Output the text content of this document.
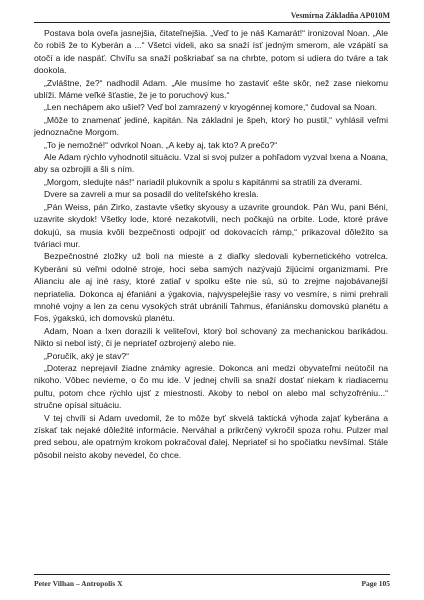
Vesmírna Základňa AP010M

Postava bola oveľa jasnejšia, čitateľnejšia. „Veď to je náš Kamarát!“ ironizoval Noan. „Ale čo robíš že to Kyberán a ...“ Všetci videli, ako sa snaží ísť jedným smerom, ale vzápätí sa otočí a ide naspäť. Chvíľu sa snaží poškriabať sa na chrbte, potom si udiera do tváre a tak dookola.

„Zvláštne, že?“ nadhodil Adam. „Ale musíme ho zastaviť ešte skôr, než zase niekomu ublíži. Máme veľké šťastie, že je to poruchový kus.“

„Len nechápem ako ušiel? Veď bol zamrazený v kryogénnej komore,“ čudoval sa Noan.

„Môže to znamenať jediné, kapitán. Na základni je špeh, ktorý ho pustil,“ vyhlásil veľmi jednoznačne Morgom.

„To je nemožné!“ odvrkol Noan. „A keby aj, tak kto? A prečo?“

Ale Adam rýchlo vyhodnotil situáciu. Vzal si svoj pulzer a pohľadom vyzval Ixena a Noana, aby sa ozbrojili a šli s ním.

„Morgom, sledujte nás!“ nariadil plukovník a spolu s kapitánmi sa stratili za dverami.

Dvere sa zavreli a mur sa posadil do veliteľského kresla.

„Pán Weiss, pán Zirko, zastavte všetky skyousy a uzavrite groundok. Pán Wu, pani Béni, uzavrite skydok! Všetky lode, ktoré nezakotvili, nech počkajú na orbite. Lode, ktoré práve dokujú, sa musia kvôli bezpečnosti odpojiť od dokovacích rámp,“ prikazoval dôležito sa tváriaci mur.

Bezpečnostné zložky už boli na mieste a z diaľky sledovali kybernetického votrelca. Kyberáni sú veľmi odolné stroje, hoci seba samých nazývajú žijúcimi organizmami. Pre Alianciu ale aj iné rasy, ktoré zatiaľ v spolku ešte nie sú, sú to zrejme najobávanejší nepriatelia. Dokonca aj éfaniáni a ýgakovia, najvyspelejšie rasy vo vesmíre, s nimi prehrali mnohé vojny a len za cenu vysokých strát ubránili Tahmus, éfaniánsku domovskú planétu a Fos, ýgakskú, ich domovskú planétu.

Adam, Noan a Ixen dorazili k veliteľovi, ktorý bol schovaný za mechanickou barikádou. Nikto si nebol istý, či je nepriateľ ozbrojený alebo nie.

„Poručík, aký je stav?“

„Doteraz neprejavil žiadne známky agresie. Dokonca ani medzi obyvateľmi neútočil na nikoho. Vôbec nevieme, o čo mu ide. V jednej chvíli sa snaží dostať niekam k riadiacemu pultu, potom chce rýchlo ujsť z miestnosti. Akoby to nebol on alebo mal schyzofréniu...“ stručne opísal situáciu.

V tej chvíli si Adam uvedomil, že to môže byť skvelá taktická výhoda zajať kyberána a získať tak nejaké dôležité informácie. Nerváhal a prikrčený vykročil spoza rohu. Pulzer mal pred sebou, ale opatrným krokom pokračoval ďalej. Nepriateľ si ho spočiatku nevšímal. Stále pôsobil neisto akoby nevedel, čo chce.

Peter Vilhan – Antropolis X	Page 105
